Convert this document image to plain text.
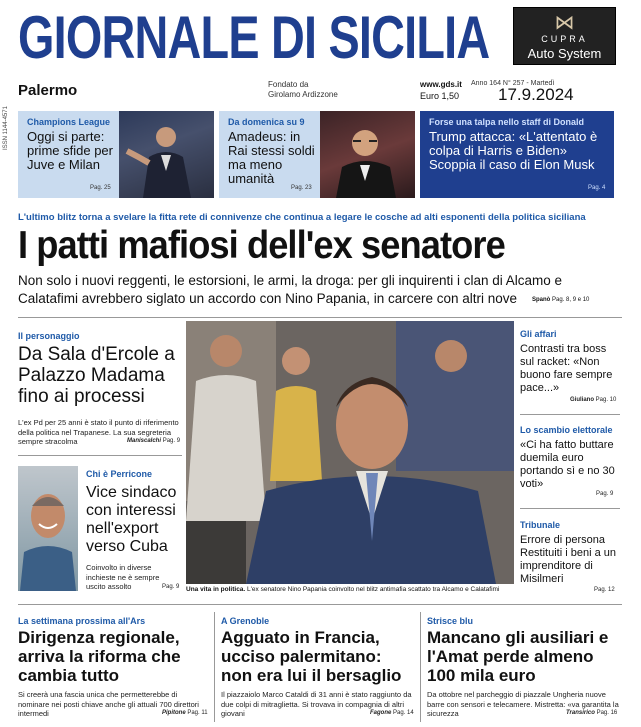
GIORNALE DI SICILIA	⋈
CUPRA
Auto System
Palermo	Fondato da
Girolamo Ardizzone
www.gds.it
Euro 1,50
Anno 164 N° 257 - Martedì
17.9.2024
ISSN 1144-4571 Champions League
Oggi si parte: prime sfide per Juve e Milan
Pag. 25
Da domenica su 9
Amadeus: in Rai stessi soldi ma meno umanità
Pag. 23
Forse una talpa nello staff di Donald
Trump attacca: «L'attentato è colpa di Harris e Biden» Scoppia il caso di Elon Musk
Pag. 4
L'ultimo blitz torna a svelare la fitta rete di connivenze che continua a legare le cosche ad alti esponenti della politica siciliana
I patti mafiosi dell'ex senatore
Non solo i nuovi reggenti, le estorsioni, le armi, la droga: per gli inquirenti i clan di Alcamo e Calatafimi avrebbero siglato un accordo con Nino Papania, in carcere con altri nove	Spanò Pag. 8, 9 e 10
Il personaggio
Da Sala d'Ercole a Palazzo Madama fino ai processi
L'ex Pd per 25 anni è stato il punto di riferimento della politica nel Trapanese. La sua segreteria sempre stracolma	Maniscalchi Pag. 9
Chi è Perricone
Vice sindaco con interessi nell'export verso Cuba
Coinvolto in diverse inchieste ne è sempre uscito assolto	Pag. 9 Una vita in politica. L'ex senatore Nino Papania coinvolto nel blitz antimafia scattato tra Alcamo e Calatafimi
Gli affari
Contrasti tra boss sul racket: «Non buono fare sempre pace...»
Giuliano Pag. 10
Lo scambio elettorale
«Ci ha fatto buttare duemila euro portando sì e no 30 voti»
Pag. 9
Tribunale
Errore di persona Restituiti i beni a un imprenditore di Misilmeri
Pag. 12
La settimana prossima all'Ars
Dirigenza regionale, arriva la riforma che cambia tutto
Si creerà una fascia unica che permetterebbe di nominare nei posti chiave anche gli attuali 700 direttori intermedi	Pipitone Pag. 11
A Grenoble
Agguato in Francia, ucciso palermitano: non era lui il bersaglio
Il piazzaiolo Marco Cataldi di 31 anni è stato raggiunto da due colpi di mitraglietta. Si trovava in compagnia di altri giovani	Fagone Pag. 14
Strisce blu
Mancano gli ausiliari e l'Amat perde almeno 100 mila euro
Da ottobre nel parcheggio di piazzale Ungheria nuove barre con sensori e telecamere. Mistretta: «va garantita la sicurezza	Transirico Pag. 16
